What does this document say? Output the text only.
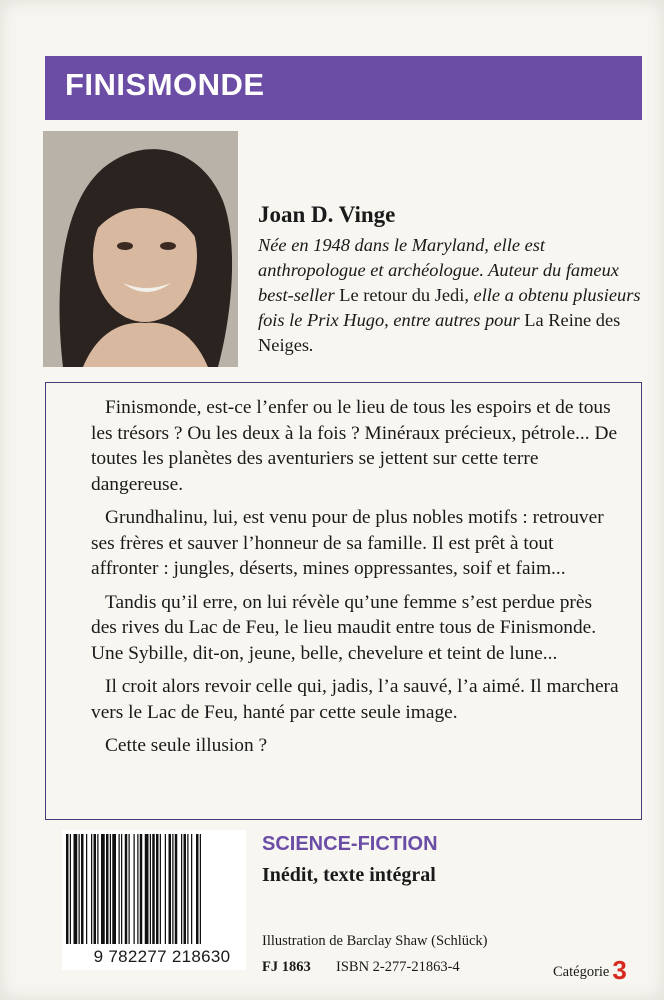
FINISMONDE
Joan D. Vinge
Née en 1948 dans le Maryland, elle est anthropologue et archéologue. Auteur du fameux best-seller Le retour du Jedi, elle a obtenu plusieurs fois le Prix Hugo, entre autres pour La Reine des Neiges.

Finismonde, est-ce l’enfer ou le lieu de tous les espoirs et de tous les trésors ? Ou les deux à la fois ? Minéraux précieux, pétrole... De toutes les planètes des aventuriers se jettent sur cette terre dangereuse.

Grundhalinu, lui, est venu pour de plus nobles motifs : retrouver ses frères et sauver l’honneur de sa famille. Il est prêt à tout affronter : jungles, déserts, mines oppressantes, soif et faim...

Tandis qu’il erre, on lui révèle qu’une femme s’est perdue près des rives du Lac de Feu, le lieu maudit entre tous de Finismonde. Une Sybille, dit-on, jeune, belle, chevelure et teint de lune...

Il croit alors revoir celle qui, jadis, l’a sauvé, l’a aimé. Il marchera vers le Lac de Feu, hanté par cette seule image.

Cette seule illusion ?

9 782277 218630
SCIENCE-FICTION
Inédit, texte intégral
Illustration de Barclay Shaw (Schlück)
FJ 1863 ISBN 2-277-21863-4	Catégorie 3
